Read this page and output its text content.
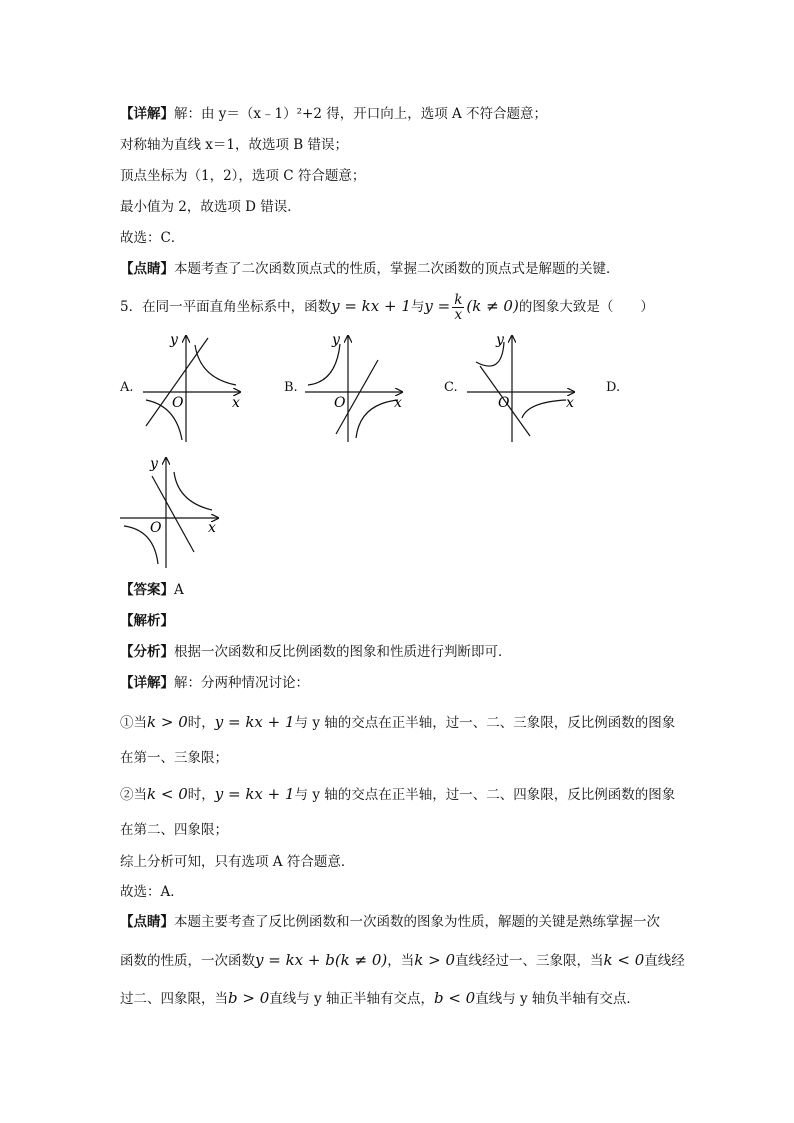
【详解】解：由 y＝（x﹣1）²+2 得，开口向上，选项 A 不符合题意；
对称轴为直线 x＝1，故选项 B 错误；
顶点坐标为（1，2），选项 C 符合题意；
最小值为 2，故选项 D 错误．
故选：C．
【点睛】本题考查了二次函数顶点式的性质，掌握二次函数的顶点式是解题的关键．
5．在同一平面直角坐标系中，函数y = kx + 1与$y = \frac{k}{x} (k \ne 0)$的图象大致是（　　）
A.	B.	C.	D.
y
x
O
y
x
O
y
x
O
y
x
O
【答案】A
【解析】
【分析】根据一次函数和反比例函数的图象和性质进行判断即可．
【详解】解：分两种情况讨论：
①当k > 0时，y = kx + 1与 y 轴的交点在正半轴，过一、二、三象限，反比例函数的图象
在第一、三象限；
②当k < 0时，y = kx + 1与 y 轴的交点在正半轴，过一、二、四象限，反比例函数的图象
在第二、四象限；
综上分析可知，只有选项 A 符合题意．
故选：A．
【点睛】本题主要考查了反比例函数和一次函数的图象为性质，解题的关键是熟练掌握一次
函数的性质，一次函数y = kx + b(k ≠ 0)，当k > 0直线经过一、三象限，当k < 0直线经
过二、四象限，当b > 0直线与 y 轴正半轴有交点，b < 0直线与 y 轴负半轴有交点．
